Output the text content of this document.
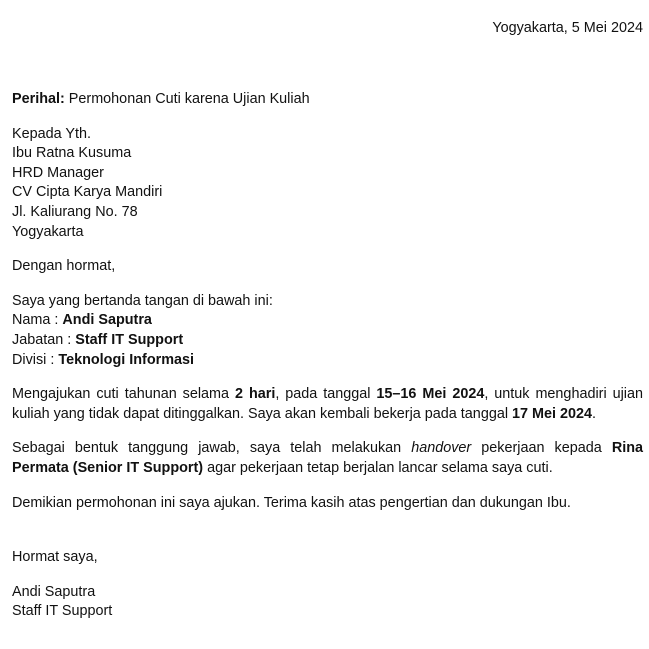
Yogyakarta, 5 Mei 2024
Perihal: Permohonan Cuti karena Ujian Kuliah
Kepada Yth.
Ibu Ratna Kusuma
HRD Manager
CV Cipta Karya Mandiri
Jl. Kaliurang No. 78
Yogyakarta
Dengan hormat,
Saya yang bertanda tangan di bawah ini:
Nama : Andi Saputra
Jabatan : Staff IT Support
Divisi : Teknologi Informasi

Mengajukan cuti tahunan selama 2 hari, pada tanggal 15–16 Mei 2024, untuk menghadiri ujian kuliah yang tidak dapat ditinggalkan. Saya akan kembali bekerja pada tanggal 17 Mei 2024.

Sebagai bentuk tanggung jawab, saya telah melakukan handover pekerjaan kepada Rina Permata (Senior IT Support) agar pekerjaan tetap berjalan lancar selama saya cuti.

Demikian permohonan ini saya ajukan. Terima kasih atas pengertian dan dukungan Ibu.

Hormat saya,
Andi Saputra
Staff IT Support
